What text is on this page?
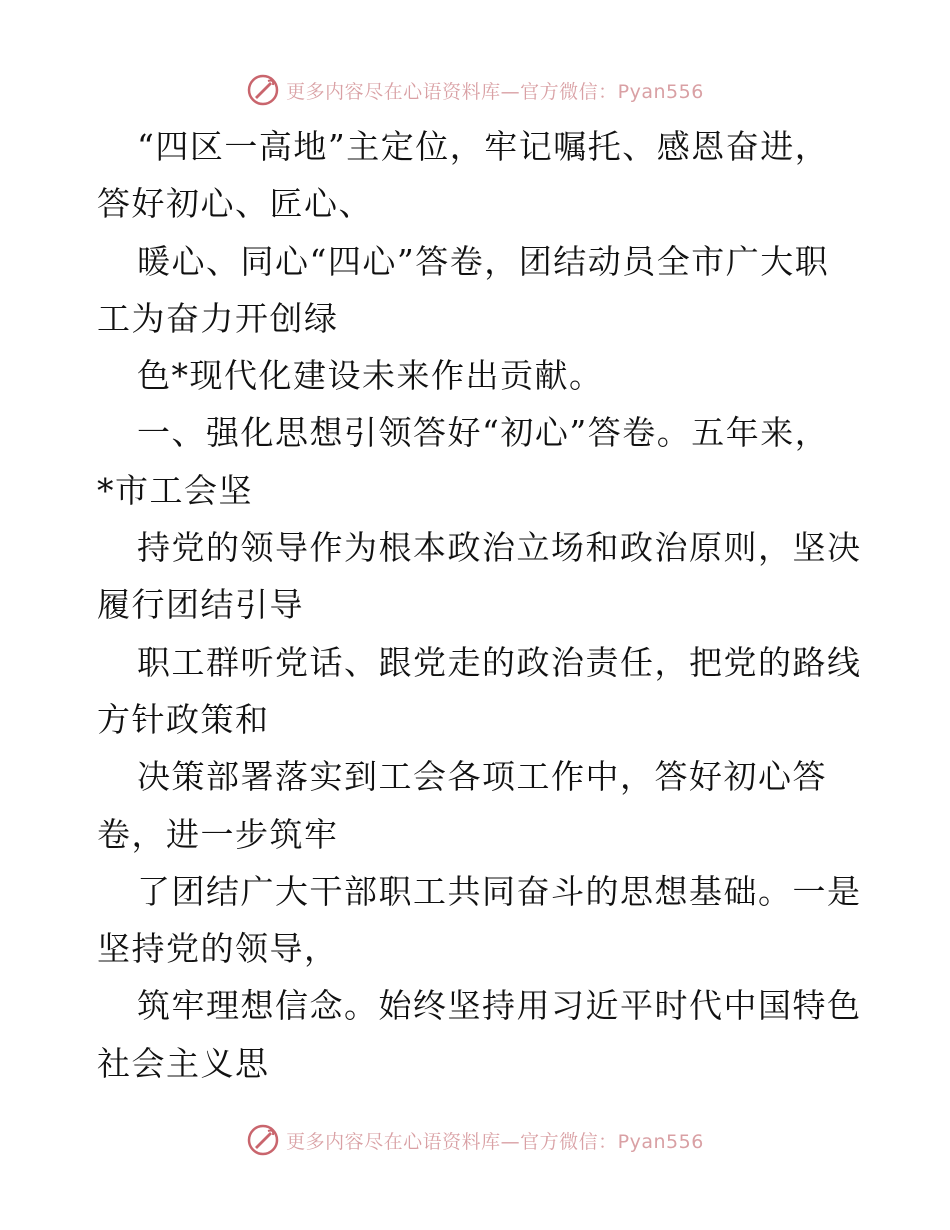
更多内容尽在心语资料库—官方微信：Pyan556
“四区一高地”主定位，牢记嘱托、感恩奋进，
答好初心、匠心、
暖心、同心“四心”答卷，团结动员全市广大职
工为奋力开创绿
色*现代化建设未来作出贡献。
一、强化思想引领答好“初心”答卷。五年来，
*市工会坚
持党的领导作为根本政治立场和政治原则，坚决
履行团结引导
职工群听党话、跟党走的政治责任，把党的路线
方针政策和
决策部署落实到工会各项工作中，答好初心答
卷，进一步筑牢
了团结广大干部职工共同奋斗的思想基础。一是
坚持党的领导，
筑牢理想信念。始终坚持用习近平时代中国特色
社会主义思
更多内容尽在心语资料库—官方微信：Pyan556
